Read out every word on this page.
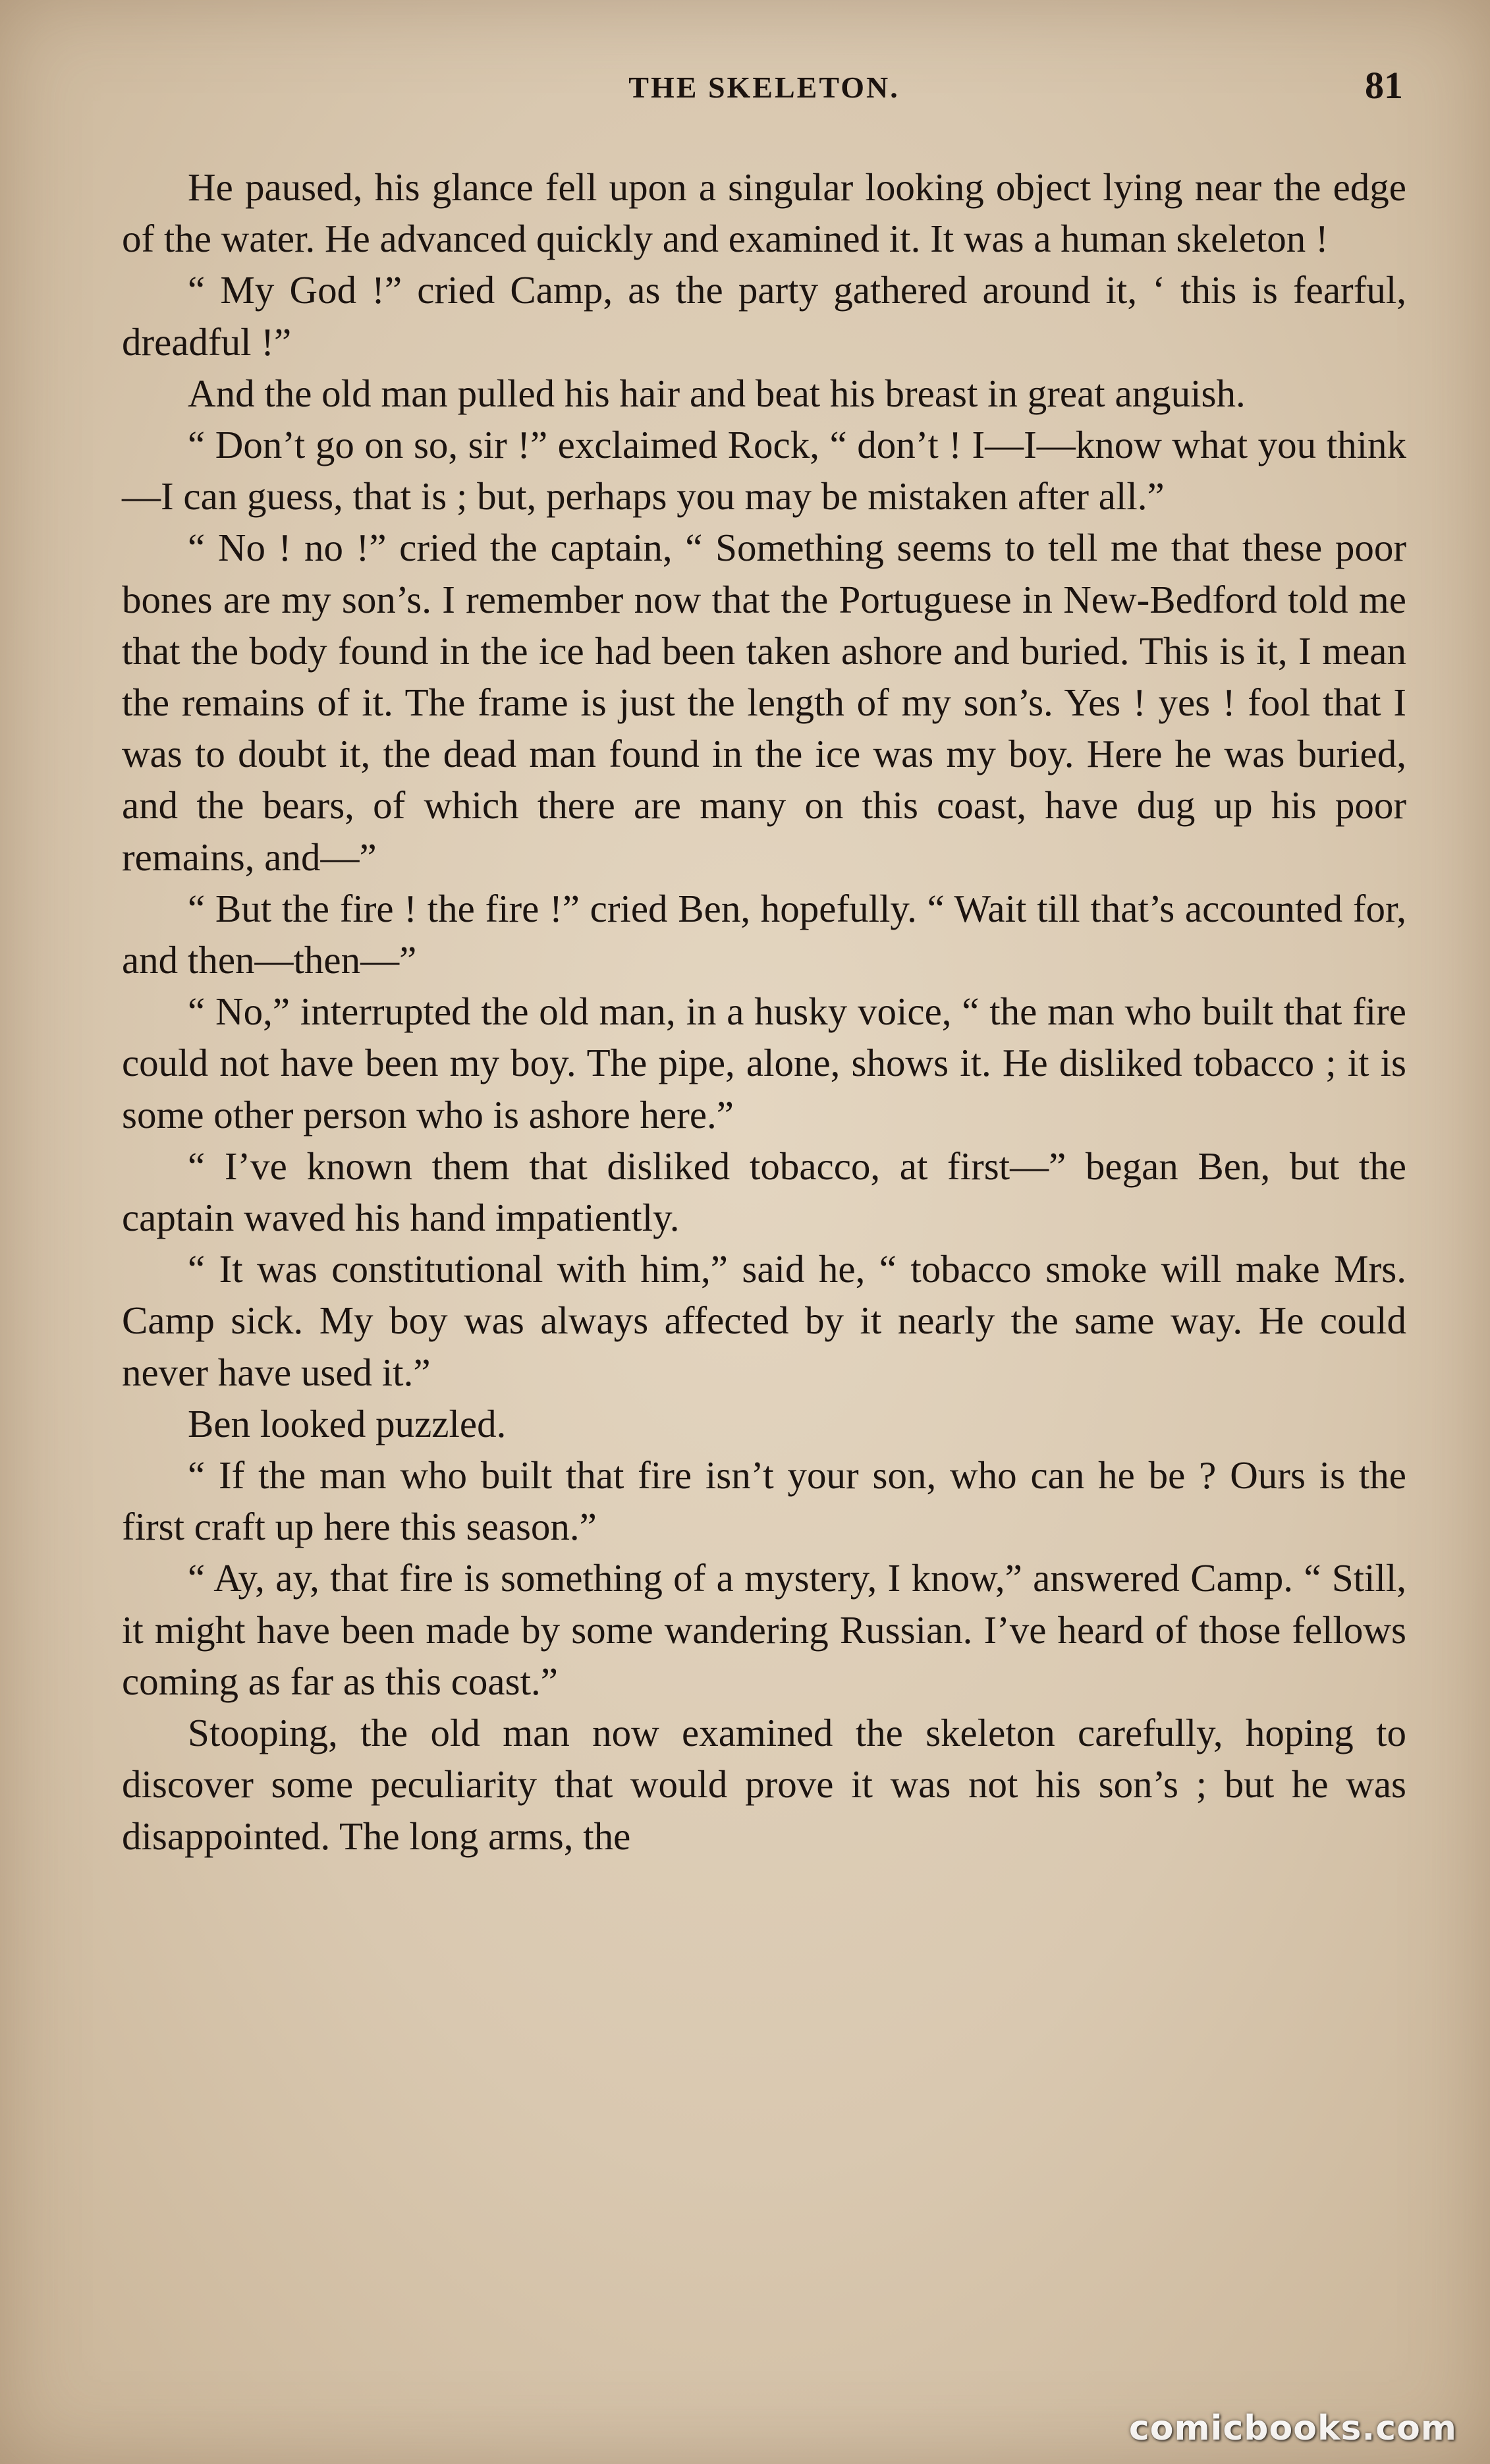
THE SKELETON.	81

He paused, his glance fell upon a singular looking object lying near the edge of the water. He advanced quickly and examined it. It was a human skeleton !

“ My God !” cried Camp, as the party gathered around it, ‘ this is fearful, dreadful !”

And the old man pulled his hair and beat his breast in great anguish.

“ Don’t go on so, sir !” exclaimed Rock, “ don’t ! I—I—know what you think—I can guess, that is ; but, perhaps you may be mistaken after all.”

“ No ! no !” cried the captain, “ Something seems to tell me that these poor bones are my son’s. I remember now that the Portuguese in New-Bedford told me that the body found in the ice had been taken ashore and buried. This is it, I mean the remains of it. The frame is just the length of my son’s. Yes ! yes ! fool that I was to doubt it, the dead man found in the ice was my boy. Here he was buried, and the bears, of which there are many on this coast, have dug up his poor remains, and—”

“ But the fire ! the fire !” cried Ben, hopefully. “ Wait till that’s accounted for, and then—then—”

“ No,” interrupted the old man, in a husky voice, “ the man who built that fire could not have been my boy. The pipe, alone, shows it. He disliked tobacco ; it is some other person who is ashore here.”

“ I’ve known them that disliked tobacco, at first—” began Ben, but the captain waved his hand impatiently.

“ It was constitutional with him,” said he, “ tobacco smoke will make Mrs. Camp sick. My boy was always affected by it nearly the same way. He could never have used it.”

Ben looked puzzled.

“ If the man who built that fire isn’t your son, who can he be ? Ours is the first craft up here this season.”

“ Ay, ay, that fire is something of a mystery, I know,” answered Camp. “ Still, it might have been made by some wandering Russian. I’ve heard of those fellows coming as far as this coast.”

Stooping, the old man now examined the skeleton carefully, hoping to discover some peculiarity that would prove it was not his son’s ; but he was disappointed. The long arms, the

comicbooks.com
